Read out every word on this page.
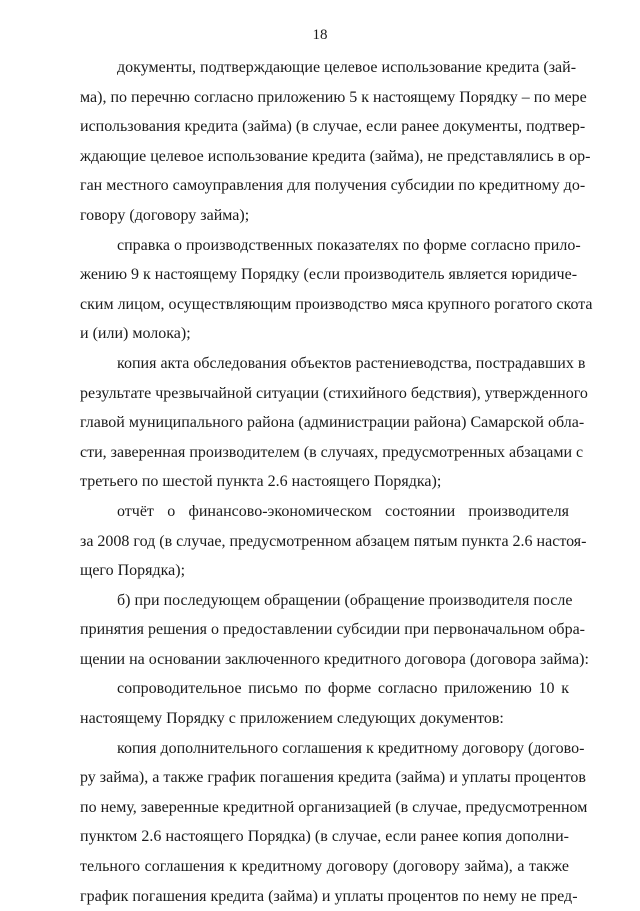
18
документы, подтверждающие целевое использование кредита (зай-
ма), по перечню согласно приложению 5 к настоящему Порядку – по мере
использования кредита (займа) (в случае, если ранее документы, подтвер-
ждающие целевое использование кредита (займа), не представлялись в ор-
ган местного самоуправления для получения субсидии по кредитному до-
говору (договору займа);
справка о производственных показателях по форме согласно прило-
жению 9 к настоящему Порядку (если производитель является юридиче-
ским лицом, осуществляющим производство мяса крупного рогатого скота
и (или) молока);
копия акта обследования объектов растениеводства, пострадавших в
результате чрезвычайной ситуации (стихийного бедствия), утвержденного
главой муниципального района (администрации района) Самарской обла-
сти, заверенная производителем (в случаях, предусмотренных абзацами с
третьего по шестой пункта 2.6 настоящего Порядка);
отчёт о финансово-экономическом состоянии производителя
за 2008 год (в случае, предусмотренном абзацем пятым пункта 2.6 настоя-
щего Порядка);
б) при последующем обращении (обращение производителя после
принятия решения о предоставлении субсидии при первоначальном обра-
щении на основании заключенного кредитного договора (договора займа):
сопроводительное письмо по форме согласно приложению 10 к
настоящему Порядку с приложением следующих документов:
копия дополнительного соглашения к кредитному договору (догово-
ру займа), а также график погашения кредита (займа) и уплаты процентов
по нему, заверенные кредитной организацией (в случае, предусмотренном
пунктом 2.6 настоящего Порядка) (в случае, если ранее копия дополни-
тельного соглашения к кредитному договору (договору займа), а также
график погашения кредита (займа) и уплаты процентов по нему не пред-
